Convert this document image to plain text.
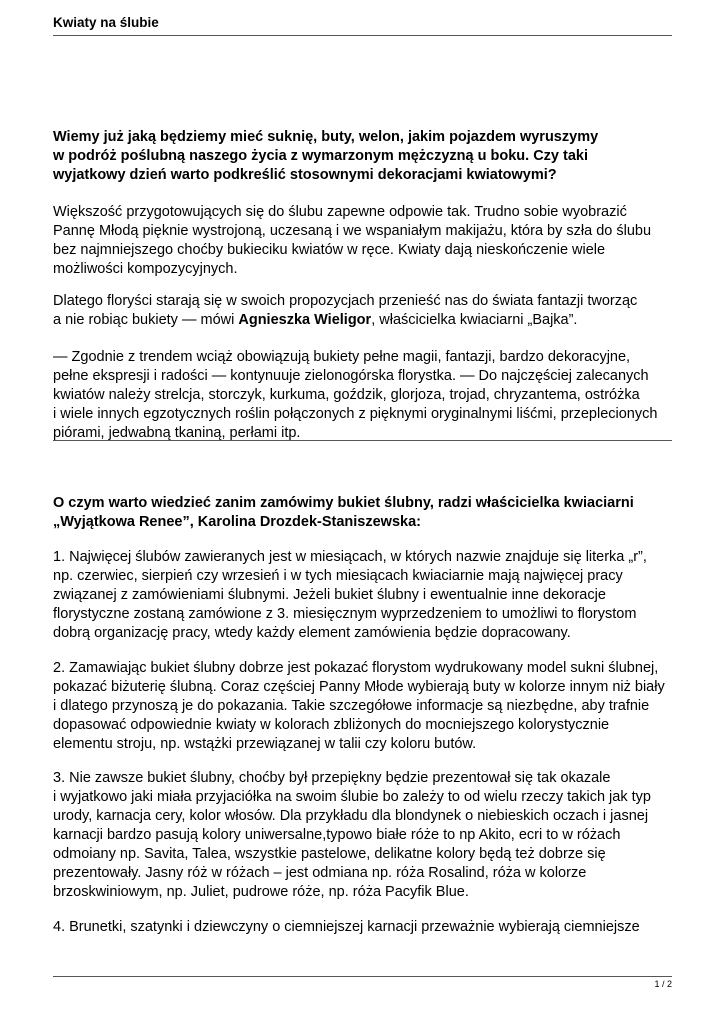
Kwiaty na ślubie

Wiemy już jaką będziemy mieć suknię, buty, welon, jakim pojazdem wyruszymy
w podróż poślubną naszego życia z wymarzonym mężczyzną u boku. Czy taki
wyjatkowy dzień warto podkreślić stosownymi dekoracjami kwiatowymi?

Większość przygotowujących się do ślubu zapewne odpowie tak. Trudno sobie wyobrazić
Pannę Młodą pięknie wystrojoną, uczesaną i we wspaniałym makijażu, która by szła do ślubu
bez najmniejszego choćby bukieciku kwiatów w ręce. Kwiaty dają nieskończenie wiele
możliwości kompozycyjnych.

Dlatego floryści starają się w swoich propozycjach przenieść nas do świata fantazji tworząc
a nie robiąc bukiety — mówi Agnieszka Wieligor, właścicielka kwiaciarni „Bajka”.

— Zgodnie z trendem wciąż obowiązują bukiety pełne magii, fantazji, bardzo dekoracyjne,
pełne ekspresji i radości — kontynuuje zielonogórska florystka. — Do najczęściej zalecanych
kwiatów należy strelcja, storczyk, kurkuma, goździk, glorjoza, trojad, chryzantema, ostróżka
i wiele innych egzotycznych roślin połączonych z pięknymi oryginalnymi liśćmi, przeplecionych
piórami, jedwabną tkaniną, perłami itp.

O czym warto wiedzieć zanim zamówimy bukiet ślubny, radzi właścicielka kwiaciarni
„Wyjątkowa Renee”, Karolina Drozdek-Staniszewska:

1. Najwięcej ślubów zawieranych jest w miesiącach, w których nazwie znajduje się literka „r”,
np. czerwiec, sierpień czy wrzesień i w tych miesiącach kwiaciarnie mają najwięcej pracy
związanej z zamówieniami ślubnymi. Jeżeli bukiet ślubny i ewentualnie inne dekoracje
florystyczne zostaną zamówione z 3. miesięcznym wyprzedzeniem to umożliwi to florystom
dobrą organizację pracy, wtedy każdy element zamówienia będzie dopracowany.

2. Zamawiając bukiet ślubny dobrze jest pokazać florystom wydrukowany model sukni ślubnej,
pokazać biżuterię ślubną. Coraz częściej Panny Młode wybierają buty w kolorze innym niż biały
i dlatego przynoszą je do pokazania. Takie szczegółowe informacje są niezbędne, aby trafnie
dopasować odpowiednie kwiaty w kolorach zbliżonych do mocniejszego kolorystycznie
elementu stroju, np. wstążki przewiązanej w talii czy koloru butów.

3. Nie zawsze bukiet ślubny, choćby był przepiękny będzie prezentował się tak okazale
i wyjatkowo jaki miała przyjaciółka na swoim ślubie bo zależy to od wielu rzeczy takich jak typ
urody, karnacja cery, kolor włosów. Dla przykładu dla blondynek o niebieskich oczach i jasnej
karnacji bardzo pasują kolory uniwersalne,typowo białe róże to np Akito, ecri to w różach
odmoiany np. Savita, Talea, wszystkie pastelowe, delikatne kolory będą też dobrze się
prezentowały. Jasny róż w różach – jest odmiana np. róża Rosalind, róża w kolorze
brzoskwiniowym, np. Juliet, pudrowe róże, np. róża Pacyfik Blue.

4. Brunetki, szatynki i dziewczyny o ciemniejszej karnacji przeważnie wybierają ciemniejsze

1 / 2
